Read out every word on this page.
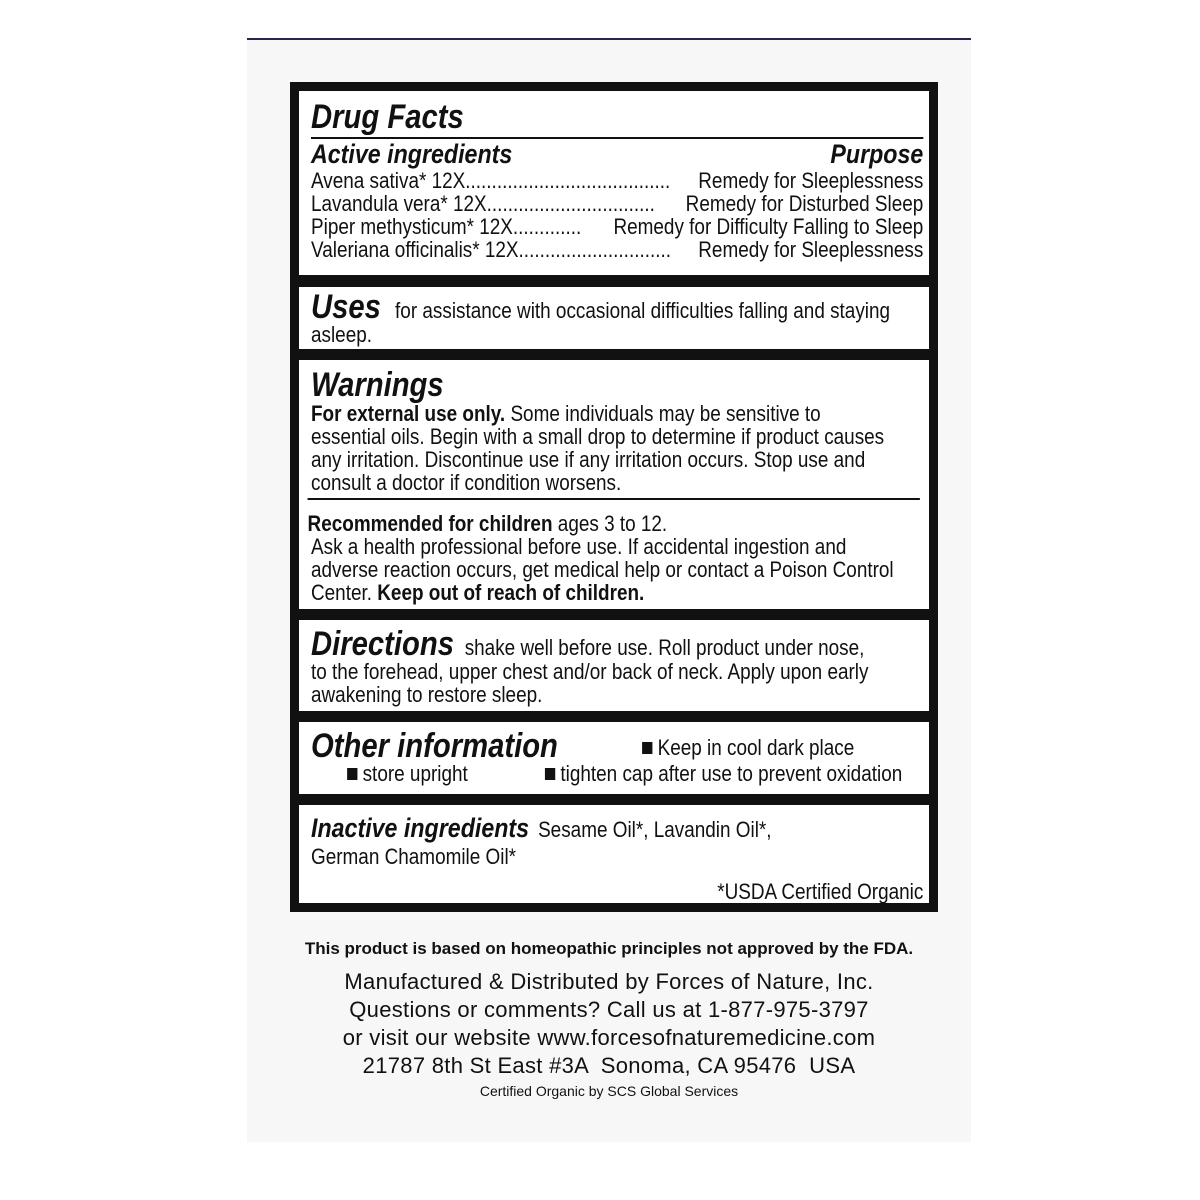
Drug Facts
Active ingredients	Purpose
Avena sativa* 12X....................................... Remedy for Sleeplessness
Lavandula vera* 12X................................ Remedy for Disturbed Sleep
Piper methysticum* 12X............. Remedy for Difficulty Falling to Sleep
Valeriana officinalis* 12X............................. Remedy for Sleeplessness
Uses for assistance with occasional difficulties falling and staying
asleep.
Warnings
For external use only. Some individuals may be sensitive to
essential oils. Begin with a small drop to determine if product causes
any irritation. Discontinue use if any irritation occurs. Stop use and
consult a doctor if condition worsens.
Recommended for children ages 3 to 12.
Ask a health professional before use. If accidental ingestion and
adverse reaction occurs, get medical help or contact a Poison Control
Center. Keep out of reach of children.
Directions shake well before use. Roll product under nose,
to the forehead, upper chest and/or back of neck. Apply upon early
awakening to restore sleep.
Other information	Keep in cool dark place
store upright	tighten cap after use to prevent oxidation
Inactive ingredients Sesame Oil*, Lavandin Oil*,
German Chamomile Oil*
*USDA Certified Organic
This product is based on homeopathic principles not approved by the FDA.
Manufactured & Distributed by Forces of Nature, Inc.
Questions or comments? Call us at 1-877-975-3797
or visit our website www.forcesofnaturemedicine.com
21787 8th St East #3A  Sonoma, CA 95476  USA
Certified Organic by SCS Global Services
